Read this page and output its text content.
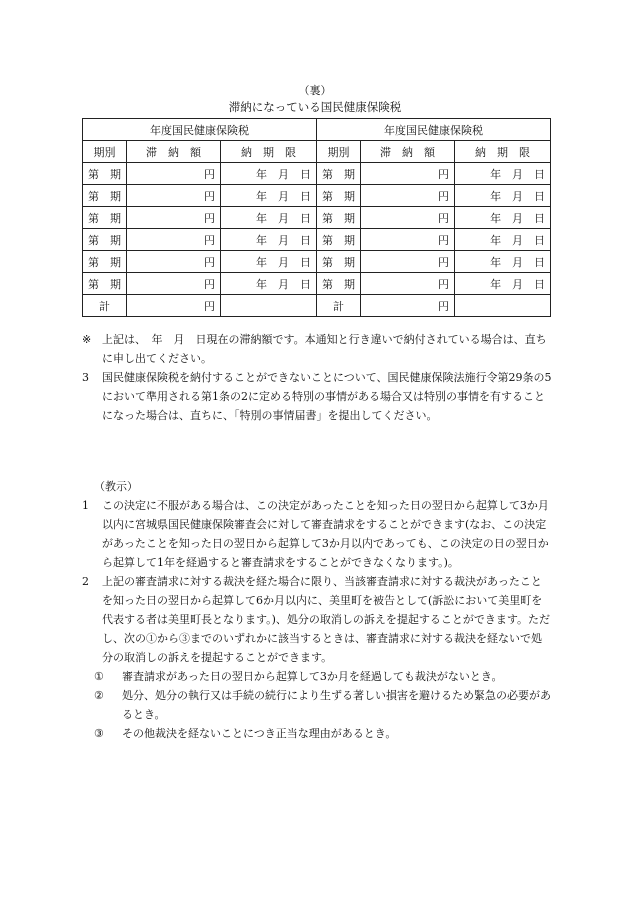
（裏）
滞納になっている国民健康保険税
年度国民健康保険税			年度国民健康保険税		
期別	滞　納　額	納　期　限	期別	滞　納　額	納　期　限
第　期	円	年　月　日	第　期	円	年　月　日
第　期	円	年　月　日	第　期	円	年　月　日
第　期	円	年　月　日	第　期	円	年　月　日
第　期	円	年　月　日	第　期	円	年　月　日
第　期	円	年　月　日	第　期	円	年　月　日
第　期	円	年　月　日	第　期	円	年　月　日
計	円		計	円	
※ 上記は、　年　月　日現在の滞納額です。本通知と行き違いで納付されている場合は、直ちに申し出てください。
3	国民健康保険税を納付することができないことについて、国民健康保険法施行令第29条の5において準用される第1条の2に定める特別の事情がある場合又は特別の事情を有することになった場合は、直ちに、「特別の事情届書」を提出してください。

（教示）

1	この決定に不服がある場合は、この決定があったことを知った日の翌日から起算して3か月以内に宮城県国民健康保険審査会に対して審査請求をすることができます(なお、この決定があったことを知った日の翌日から起算して3か月以内であっても、この決定の日の翌日から起算して1年を経過すると審査請求をすることができなくなります。)。
2	上記の審査請求に対する裁決を経た場合に限り、当該審査請求に対する裁決があったことを知った日の翌日から起算して6か月以内に、美里町を被告として(訴訟において美里町を代表する者は美里町長となります。)、処分の取消しの訴えを提起することができます。ただし、次の①から③までのいずれかに該当するときは、審査請求に対する裁決を経ないで処分の取消しの訴えを提起することができます。
①	審査請求があった日の翌日から起算して3か月を経過しても裁決がないとき。
②	処分、処分の執行又は手続の続行により生ずる著しい損害を避けるため緊急の必要があるとき。
③	その他裁決を経ないことにつき正当な理由があるとき。
